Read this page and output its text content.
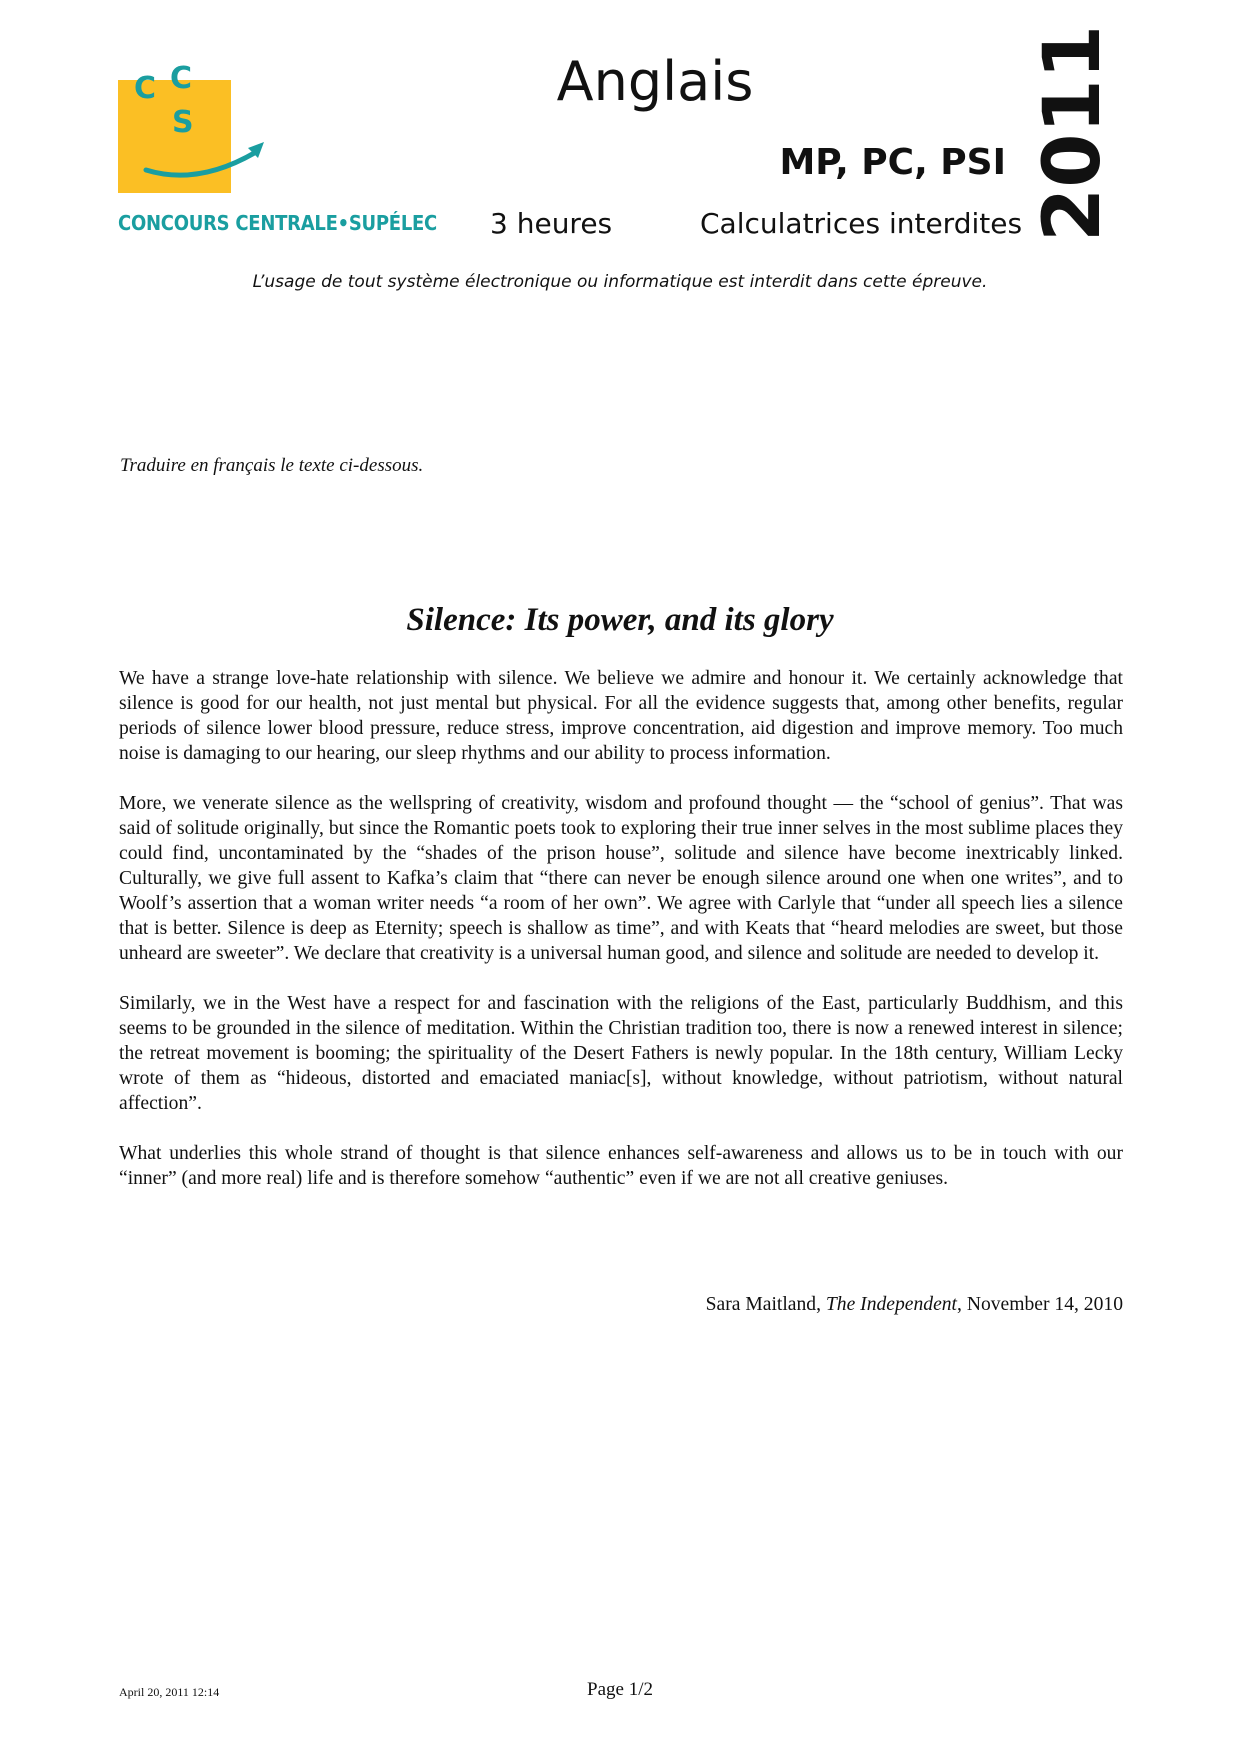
C C
S
CONCOURS CENTRALE•SUPÉLEC
Anglais
MP, PC, PSI
3 heures	Calculatrices interdites 2011
L’usage de tout système électronique ou informatique est interdit dans cette épreuve.
Traduire en français le texte ci-dessous.
Silence: Its power, and its glory

We have a strange love-hate relationship with silence. We believe we admire and honour it. We certainly acknowledge that silence is good for our health, not just mental but physical. For all the evidence suggests that, among other benefits, regular periods of silence lower blood pressure, reduce stress, improve concentration, aid digestion and improve memory. Too much noise is damaging to our hearing, our sleep rhythms and our ability to process information.

More, we venerate silence as the wellspring of creativity, wisdom and profound thought — the “school of genius”. That was said of solitude originally, but since the Romantic poets took to exploring their true inner selves in the most sublime places they could find, uncontaminated by the “shades of the prison house”, solitude and silence have become inextricably linked. Culturally, we give full assent to Kafka’s claim that “there can never be enough silence around one when one writes”, and to Woolf’s assertion that a woman writer needs “a room of her own”. We agree with Carlyle that “under all speech lies a silence that is better. Silence is deep as Eternity; speech is shallow as time”, and with Keats that “heard melodies are sweet, but those unheard are sweeter”. We declare that creativity is a universal human good, and silence and solitude are needed to develop it.

Similarly, we in the West have a respect for and fascination with the religions of the East, particularly Buddhism, and this seems to be grounded in the silence of meditation. Within the Christian tradition too, there is now a renewed interest in silence; the retreat movement is booming; the spirituality of the Desert Fathers is newly popular. In the 18th century, William Lecky wrote of them as “hideous, distorted and emaciated maniac[s], without knowledge, without patriotism, without natural affection”.

What underlies this whole strand of thought is that silence enhances self-awareness and allows us to be in touch with our “inner” (and more real) life and is therefore somehow “authentic” even if we are not all creative geniuses.

Sara Maitland, The Independent, November 14, 2010
April 20, 2011 12:14	Page 1/2
